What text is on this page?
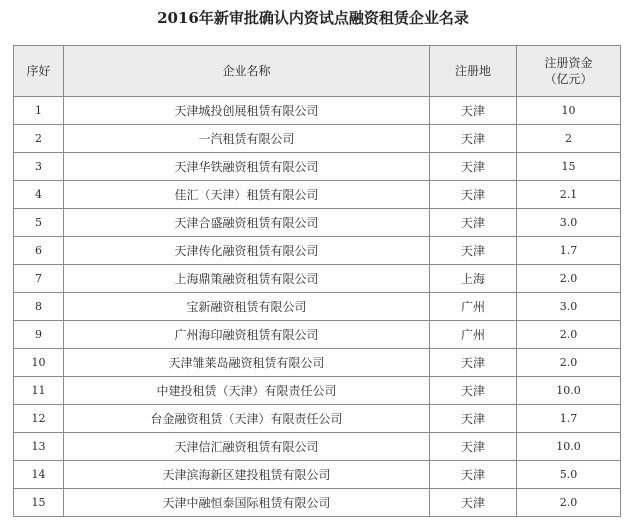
2016年新审批确认内资试点融资租赁企业名录
序好	企业名称	注册地	注册资金
（亿元）

1	天津城投创展租赁有限公司	天津	10
2	一汽租赁有限公司	天津	2
3	天津华铁融资租赁有限公司	天津	15
4	佳汇（天津）租赁有限公司	天津	2.1
5	天津合盛融资租赁有限公司	天津	3.0
6	天津传化融资租赁有限公司	天津	1.7
7	上海鼎策融资租赁有限公司	上海	2.0
8	宝新融资租赁有限公司	广州	3.0
9	广州海印融资租赁有限公司	广州	2.0
10	天津雏莱岛融资租赁有限公司	天津	2.0
11	中建投租赁（天津）有限责任公司	天津	10.0
12	台金融资租赁（天津）有限责任公司	天津	1.7
13	天津信汇融资租赁有限公司	天津	10.0
14	天津滨海新区建投租赁有限公司	天津	5.0
15	天津中融恒泰国际租赁有限公司	天津	2.0
